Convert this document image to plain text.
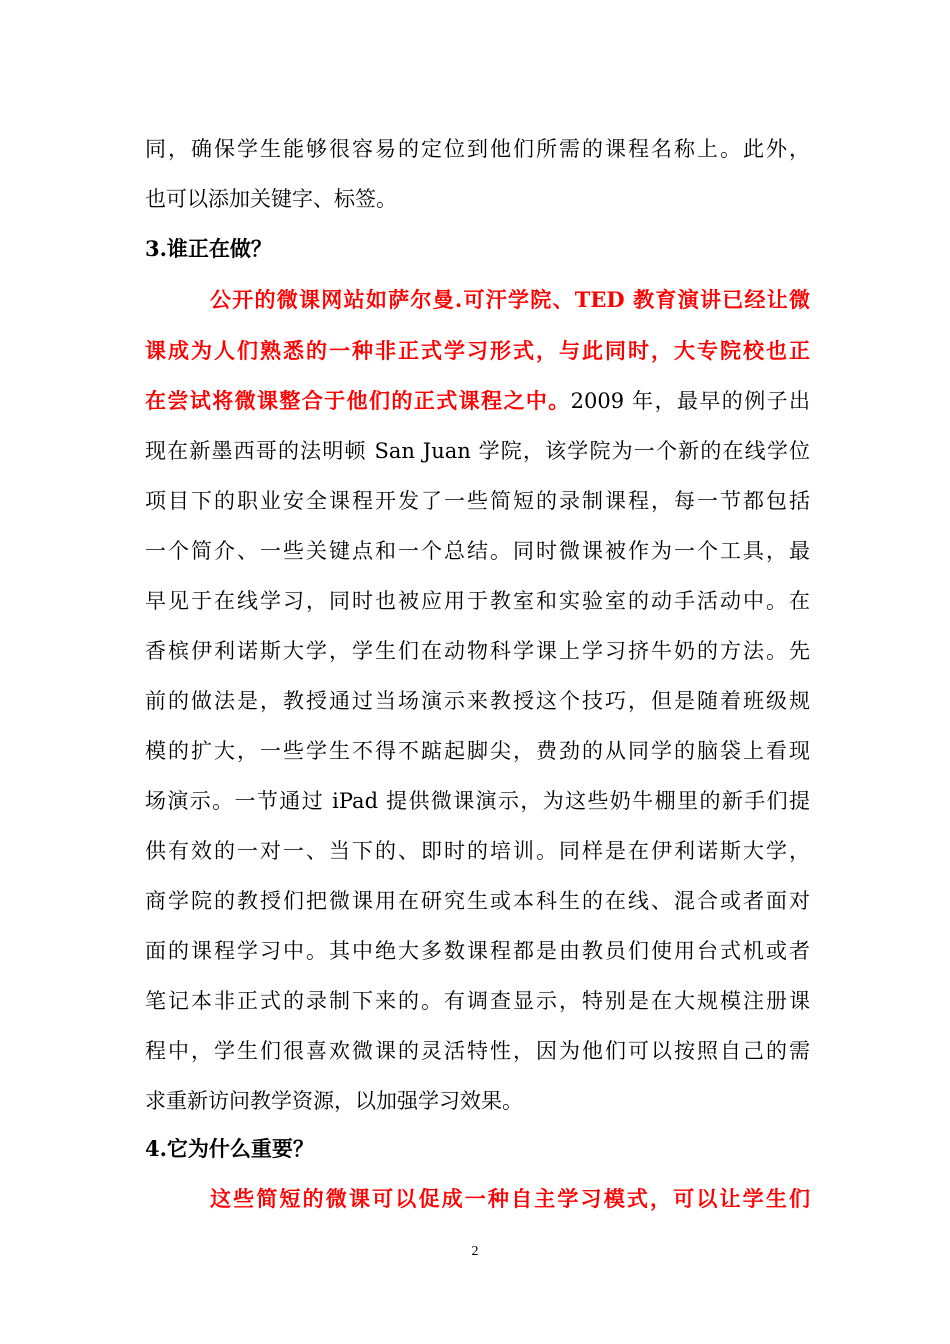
同，确保学生能够很容易的定位到他们所需的课程名称上。此外，
也可以添加关键字、标签。
3.谁正在做？
公开的微课网站如萨尔曼.可汗学院、TED 教育演讲已经让微
课成为人们熟悉的一种非正式学习形式，与此同时，大专院校也正
在尝试将微课整合于他们的正式课程之中。2009 年，最早的例子出
现在新墨西哥的法明顿 San Juan 学院，该学院为一个新的在线学位
项目下的职业安全课程开发了一些简短的录制课程，每一节都包括
一个简介、一些关键点和一个总结。同时微课被作为一个工具，最
早见于在线学习，同时也被应用于教室和实验室的动手活动中。在
香槟伊利诺斯大学，学生们在动物科学课上学习挤牛奶的方法。先
前的做法是，教授通过当场演示来教授这个技巧，但是随着班级规
模的扩大，一些学生不得不踮起脚尖，费劲的从同学的脑袋上看现
场演示。一节通过 iPad 提供微课演示，为这些奶牛棚里的新手们提
供有效的一对一、当下的、即时的培训。同样是在伊利诺斯大学，
商学院的教授们把微课用在研究生或本科生的在线、混合或者面对
面的课程学习中。其中绝大多数课程都是由教员们使用台式机或者
笔记本非正式的录制下来的。有调查显示，特别是在大规模注册课
程中，学生们很喜欢微课的灵活特性，因为他们可以按照自己的需
求重新访问教学资源，以加强学习效果。
4.它为什么重要？
这些简短的微课可以促成一种自主学习模式，可以让学生们
2
